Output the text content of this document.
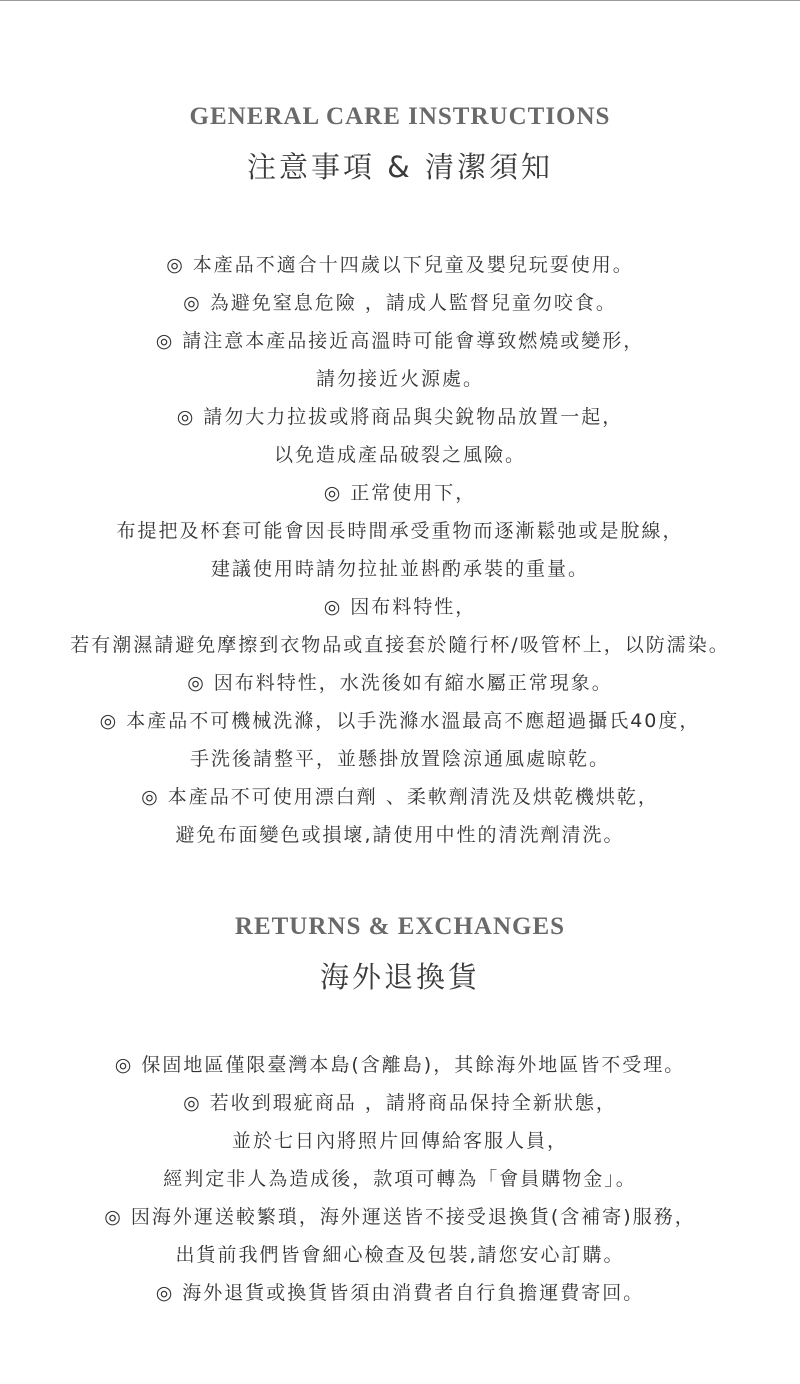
GENERAL CARE INSTRUCTIONS
注意事項 & 清潔須知
◎ 本產品不適合十四歲以下兒童及嬰兒玩耍使用。
◎ 為避免窒息危險 ，請成人監督兒童勿咬食。
◎ 請注意本產品接近高溫時可能會導致燃燒或變形，
請勿接近火源處。
◎ 請勿大力拉拔或將商品與尖銳物品放置一起，
以免造成產品破裂之風險。
◎ 正常使用下，
布提把及杯套可能會因長時間承受重物而逐漸鬆弛或是脫線，
建議使用時請勿拉扯並斟酌承裝的重量。
◎ 因布料特性，
若有潮濕請避免摩擦到衣物品或直接套於隨行杯/吸管杯上，以防濡染。
◎ 因布料特性，水洗後如有縮水屬正常現象。
◎ 本產品不可機械洗滌，以手洗滌水溫最高不應超過攝氏40度，
手洗後請整平，並懸掛放置陰涼通風處晾乾。
◎ 本產品不可使用漂白劑 、柔軟劑清洗及烘乾機烘乾，
避免布面變色或損壞,請使用中性的清洗劑清洗。
RETURNS & EXCHANGES
海外退換貨
◎ 保固地區僅限臺灣本島(含離島)，其餘海外地區皆不受理。
◎ 若收到瑕疵商品 ，請將商品保持全新狀態，
並於七日內將照片回傳給客服人員，
經判定非人為造成後，款項可轉為「會員購物金」。
◎ 因海外運送較繁瑣，海外運送皆不接受退換貨(含補寄)服務，
出貨前我們皆會細心檢查及包裝,請您安心訂購。
◎ 海外退貨或換貨皆須由消費者自行負擔運費寄回。
